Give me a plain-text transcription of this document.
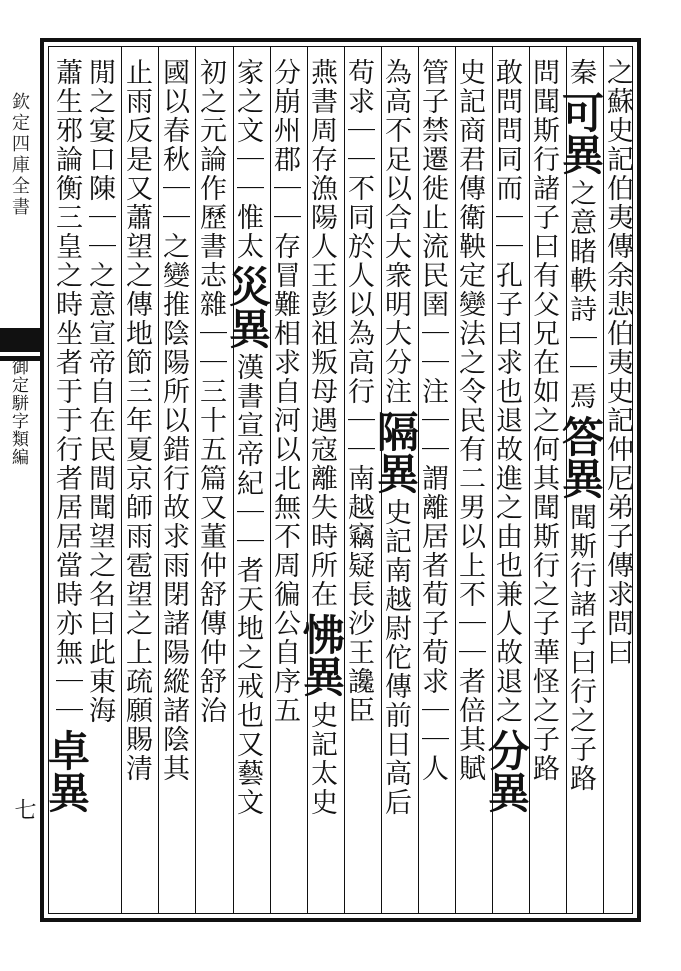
欽定四庫全書
御定駢字類編
七
之蘇
史記伯夷傳余悲伯夷
史記仲尼弟子傳求問曰
秦
可異
之意睹軼詩｜｜焉
答異
聞斯行諸子曰行之子路
問聞斯行諸子曰有父兄在如之何其聞斯行之子華怪之子路
敢問問同而｜｜孔子曰求也退故進之由也兼人故退之
分異
史記商君傳衛鞅定變法之令民有二男以上不｜｜者倍其賦
管子禁遷徙止流民圉｜｜注｜｜謂離居者荀子荀求｜｜人
為高不足以合大衆明大分注
隔異
史記南越尉佗傳前日高后
苟求｜｜不同於人以為高行
｜｜南越竊疑長沙王讒臣
燕書周存漁陽人王彭祖叛母遇寇離失時所在
怫異
史記太史
分崩州郡｜｜存冒難相求自河以北無不周徧
公自序五
家之文｜｜惟太
災異
漢書宣帝紀｜｜者天地之戒也又藝文
初之元論作
歷書
志雜｜｜三十五篇又董仲舒傳仲舒治
國以春秋｜｜之變推陰陽所以錯行故求雨閉諸陽縱諸陰其
止雨反是又蕭望之傳地節三年夏京師雨雹望之上疏願賜清
閒之宴口陳｜｜之意宣帝自在民間聞望之名曰此東海
蕭生邪論衡三皇之時坐者于于行者居居當時亦無｜｜
卓異
